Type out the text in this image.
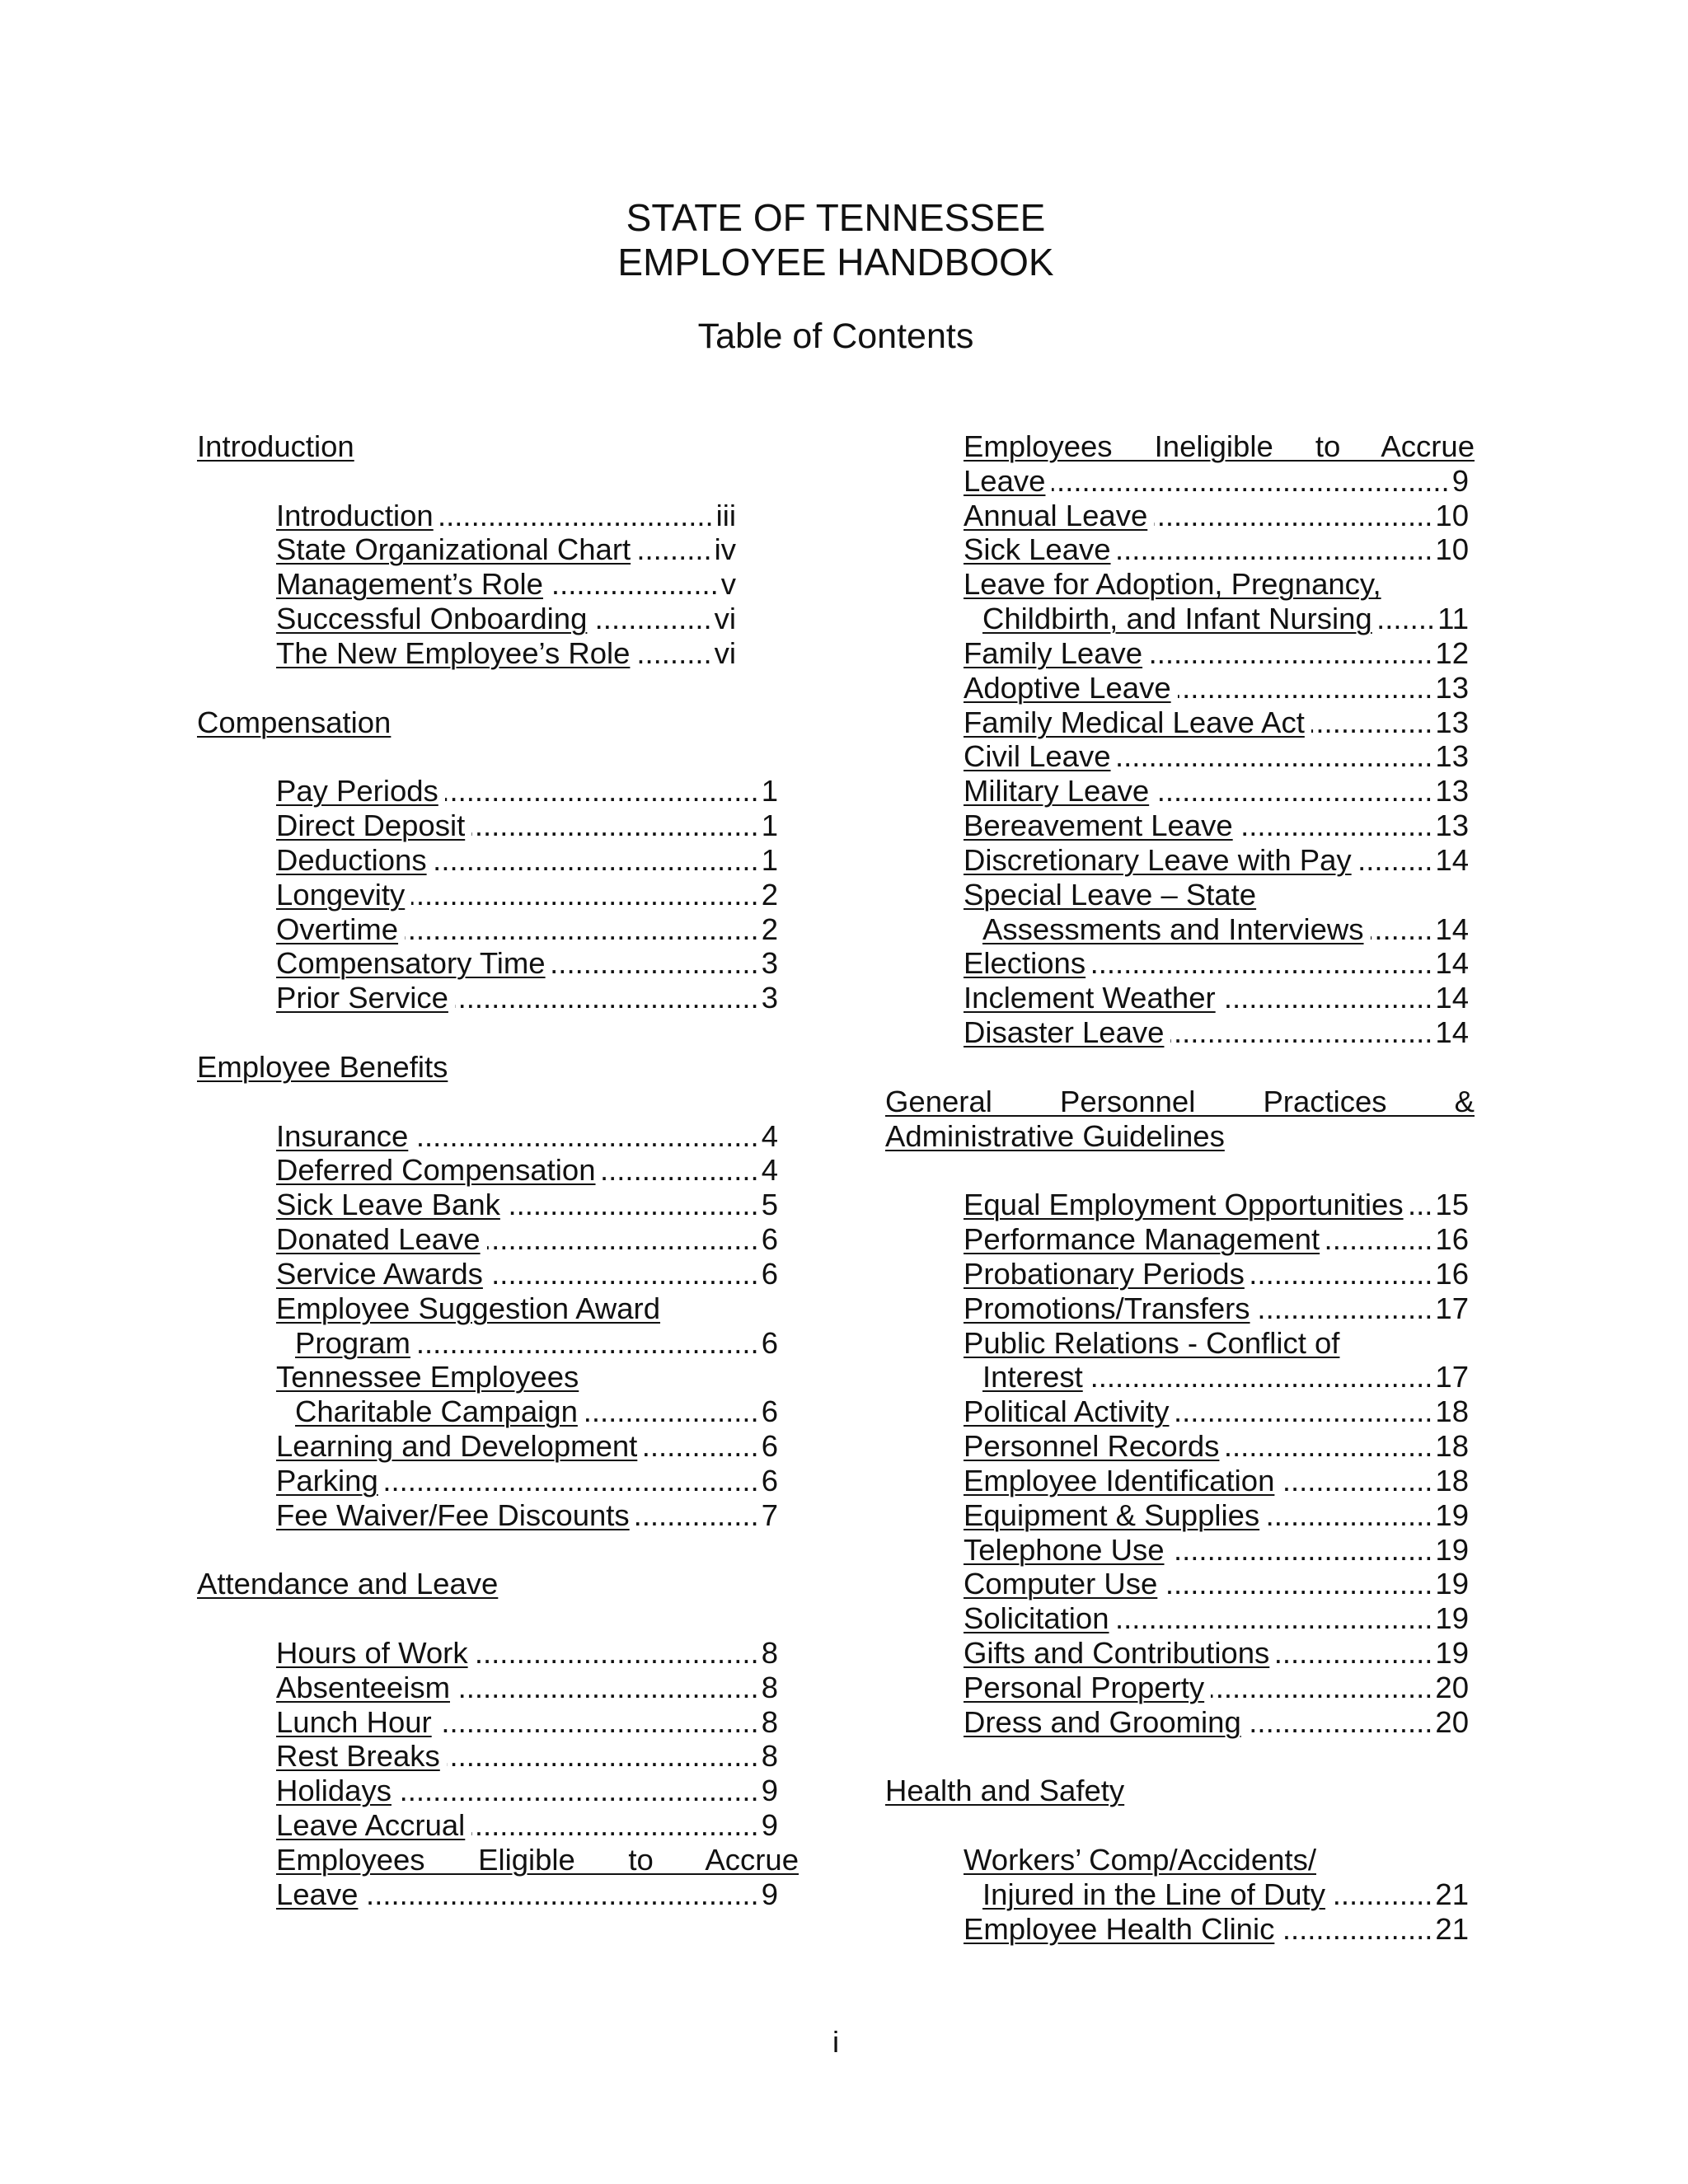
STATE OF TENNESSEE
EMPLOYEE HANDBOOK
Table of Contents
Introduction
Introduction .....	iii
State Organizational Chart .....	iv
Management’s Role .....	v
Successful Onboarding .....	vi
The New Employee’s Role .....	vi
Compensation
Pay Periods .....	1
Direct Deposit .....	1
Deductions .....	1
Longevity .....	2
Overtime .....	2
Compensatory Time .....	3
Prior Service .....	3
Employee Benefits
Insurance .....	4
Deferred Compensation .....	4
Sick Leave Bank .....	5
Donated Leave .....	6
Service Awards .....	6
Employee Suggestion Award
Program .....	6
Tennessee Employees
Charitable Campaign .....	6
Learning and Development .....	6
Parking .....	6
Fee Waiver/Fee Discounts .....	7
Attendance and Leave
Hours of Work .....	8
Absenteeism .....	8
Lunch Hour .....	8
Rest Breaks .....	8
Holidays .....	9
Leave Accrual .....	9
Employees Eligible to Accrue
Leave .....	9
Employees Ineligible to Accrue
Leave .....	9
Annual Leave .....	10
Sick Leave .....	10
Leave for Adoption, Pregnancy,
Childbirth, and Infant Nursing ..... 11
Family Leave .....	12
Adoptive Leave .....	13
Family Medical Leave Act .....	13
Civil Leave .....	13
Military Leave .....	13
Bereavement Leave .....	13
Discretionary Leave with Pay .....	14
Special Leave – State
Assessments and Interviews ..... 14
Elections .....	14
Inclement Weather .....	14
Disaster Leave .....	14
General Personnel Practices &
Administrative Guidelines
Equal Employment Opportunities ..... 15
Performance Management .....	16
Probationary Periods .....	16
Promotions/Transfers .....	17
Public Relations - Conflict of
Interest .....	17
Political Activity .....	18
Personnel Records .....	18
Employee Identification .....	18
Equipment & Supplies .....	19
Telephone Use .....	19
Computer Use .....	19
Solicitation .....	19
Gifts and Contributions .....	19
Personal Property .....	20
Dress and Grooming .....	20
Health and Safety
Workers’ Comp/Accidents/
Injured in the Line of Duty .....	21
Employee Health Clinic .....	21
i
